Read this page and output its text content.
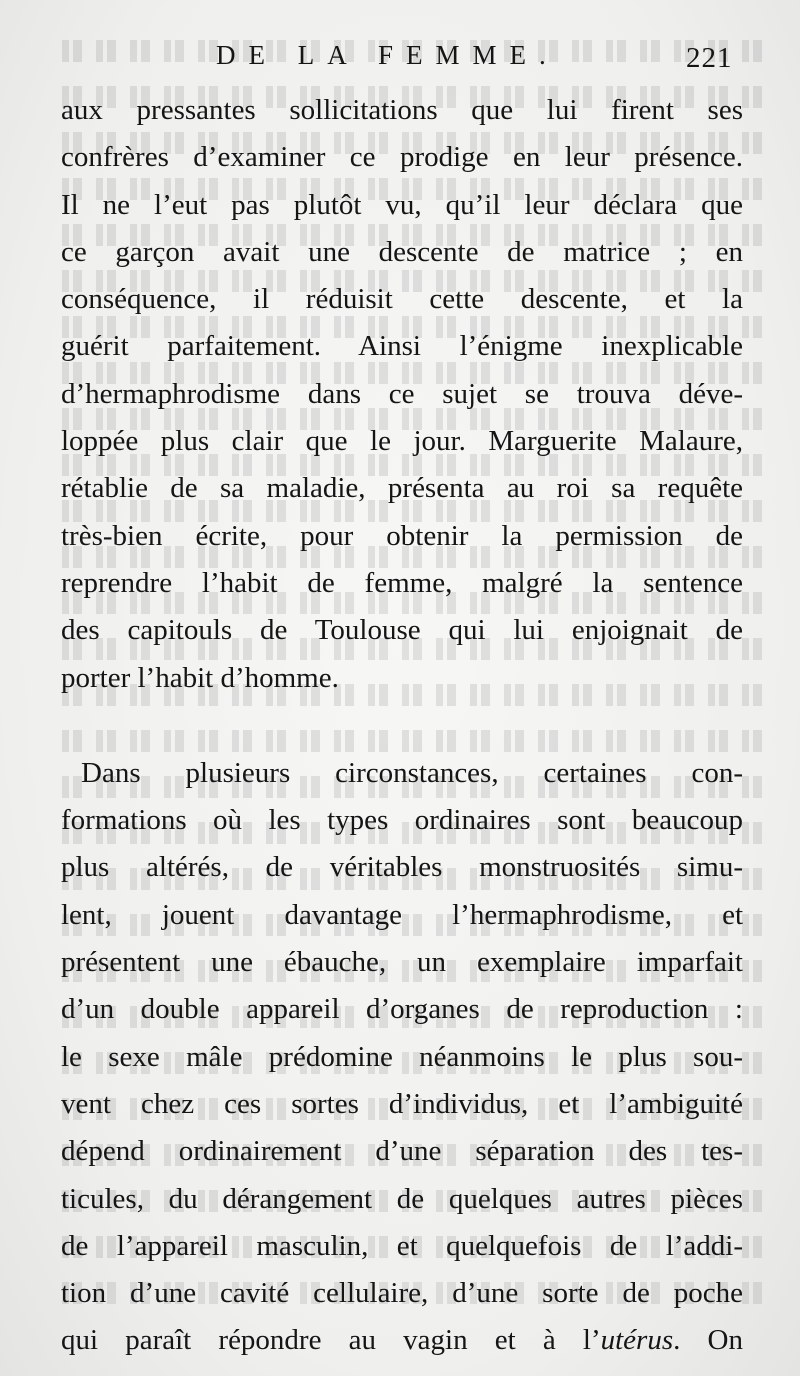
DE LA FEMME.	221
aux pressantes sollicitations que lui firent ses
confrères d’examiner ce prodige en leur présence.
Il ne l’eut pas plutôt vu, qu’il leur déclara que
ce garçon avait une descente de matrice ; en
conséquence, il réduisit cette descente, et la
guérit parfaitement. Ainsi l’énigme inexplicable
d’hermaphrodisme dans ce sujet se trouva déve-
loppée plus clair que le jour. Marguerite Malaure,
rétablie de sa maladie, présenta au roi sa requête
très-bien écrite, pour obtenir la permission de
reprendre l’habit de femme, malgré la sentence
des capitouls de Toulouse qui lui enjoignait de
porter l’habit d’homme.
Dans plusieurs circonstances, certaines con-
formations où les types ordinaires sont beaucoup
plus altérés, de véritables monstruosités simu-
lent, jouent davantage l’hermaphrodisme, et
présentent une ébauche, un exemplaire imparfait
d’un double appareil d’organes de reproduction :
le sexe mâle prédomine néanmoins le plus sou-
vent chez ces sortes d’individus, et l’ambiguité
dépend ordinairement d’une séparation des tes-
ticules, du dérangement de quelques autres pièces
de l’appareil masculin, et quelquefois de l’addi-
tion d’une cavité cellulaire, d’une sorte de poche
qui paraît répondre au vagin et à l’utérus. On
